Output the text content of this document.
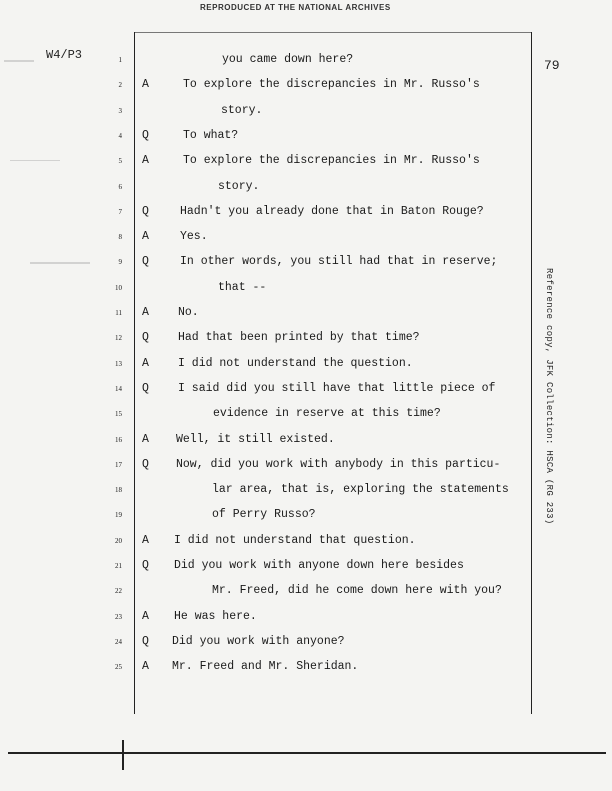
REPRODUCED AT THE NATIONAL ARCHIVES
W4/P3
79
Reference copy, JFK Collection: HSCA (RG 233)
1	you came down here?
2 A	To explore the discrepancies in Mr. Russo's
3	story.
4 Q	To what?
5 A	To explore the discrepancies in Mr. Russo's
6	story.
7 Q	Hadn't you already done that in Baton Rouge?
8 A	Yes.
9 Q	In other words, you still had that in reserve;
10	that --
11 A	No.
12 Q	Had that been printed by that time?
13 A	I did not understand the question.
14 Q	I said did you still have that little piece of
15	evidence in reserve at this time?
16 A	Well, it still existed.
17 Q	Now, did you work with anybody in this particu-
18	lar area, that is, exploring the statements
19	of Perry Russo?
20 A	I did not understand that question.
21 Q	Did you work with anyone down here besides
22	Mr. Freed, did he come down here with you?
23 A	He was here.
24 Q	Did you work with anyone?
25 A	Mr. Freed and Mr. Sheridan.
